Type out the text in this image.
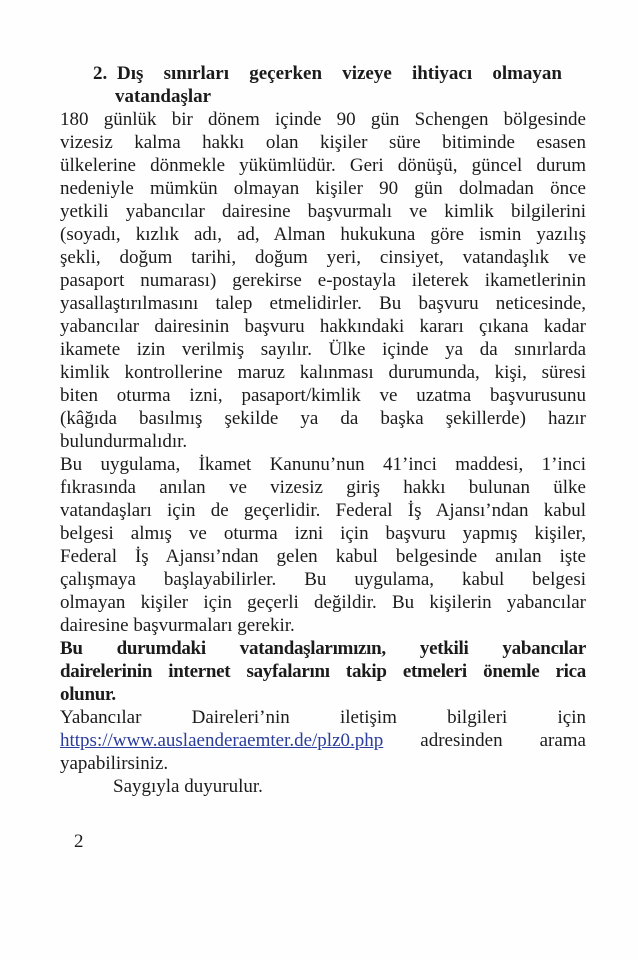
2. Dış sınırları geçerken vizeye ihtiyacı olmayan
vatandaşlar
180 günlük bir dönem içinde 90 gün Schengen bölgesinde
vizesiz kalma hakkı olan kişiler süre bitiminde esasen
ülkelerine dönmekle yükümlüdür. Geri dönüşü, güncel durum
nedeniyle mümkün olmayan kişiler 90 gün dolmadan önce
yetkili yabancılar dairesine başvurmalı ve kimlik bilgilerini
(soyadı, kızlık adı, ad, Alman hukukuna göre ismin yazılış
şekli, doğum tarihi, doğum yeri, cinsiyet, vatandaşlık ve
pasaport numarası) gerekirse e-postayla ileterek ikametlerinin
yasallaştırılmasını talep etmelidirler. Bu başvuru neticesinde,
yabancılar dairesinin başvuru hakkındaki kararı çıkana kadar
ikamete izin verilmiş sayılır. Ülke içinde ya da sınırlarda
kimlik kontrollerine maruz kalınması durumunda, kişi, süresi
biten oturma izni, pasaport/kimlik ve uzatma başvurusunu
(kâğıda basılmış şekilde ya da başka şekillerde) hazır
bulundurmalıdır.
Bu uygulama, İkamet Kanunu’nun 41’inci maddesi, 1’inci
fıkrasında anılan ve vizesiz giriş hakkı bulunan ülke
vatandaşları için de geçerlidir. Federal İş Ajansı’ndan kabul
belgesi almış ve oturma izni için başvuru yapmış kişiler,
Federal İş Ajansı’ndan gelen kabul belgesinde anılan işte
çalışmaya başlayabilirler. Bu uygulama, kabul belgesi
olmayan kişiler için geçerli değildir. Bu kişilerin yabancılar
dairesine başvurmaları gerekir.
Bu durumdaki vatandaşlarımızın, yetkili yabancılar
dairelerinin internet sayfalarını takip etmeleri önemle rica
olunur.
Yabancılar Daireleri’nin iletişim bilgileri için
https://www.auslaenderaemter.de/plz0.php adresinden arama
yapabilirsiniz.
Saygıyla duyurulur.
2
